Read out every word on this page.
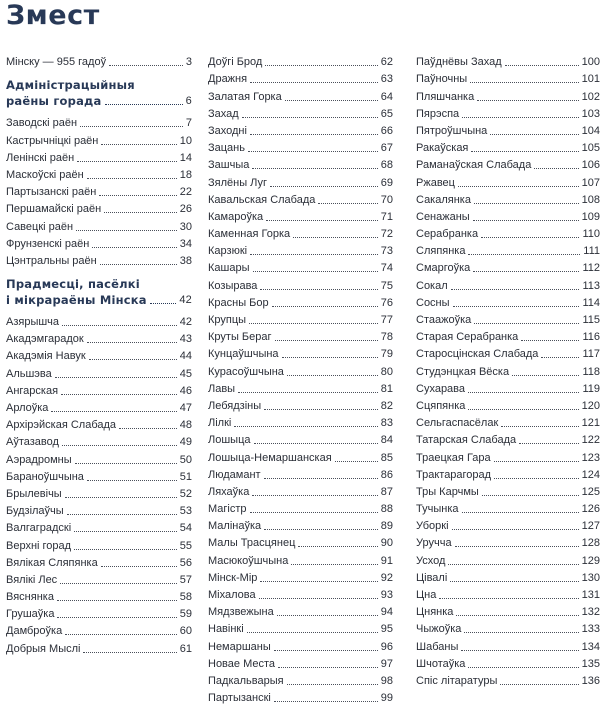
Змест
Мінску — 955 гадоў	3
Адміністрацыйныя
раёны горада	6
Заводскі раён	7
Кастрычніцкі раён	10
Ленінскі раён	14
Маскоўскі раён	18
Партызанскі раён	22
Першамайскі раён	26
Савецкі раён	30
Фрунзенскі раён	34
Цэнтральны раён	38
Прадмесці, пасёлкі
і мікрараёны Мінска	42
Азярышча	42
Акадэмгарадок	43
Акадэмія Навук	44
Альшэва	45
Ангарская	46
Арлоўка	47
Архірэйская Слабада	48
Аўтазавод	49
Аэрадромны	50
Бараноўшчына	51
Брылевічы	52
Будзілаўчы	53
Валгаградскі	54
Верхні горад	55
Вялікая Сляпянка	56
Вялікі Лес	57
Вяснянка	58
Грушаўка	59
Дамброўка	60
Добрыя Мыслі	61
Доўгі Брод	62
Дражня	63
Залатая Горка	64
Захад	65
Заходні	66
Зацань	67
Зашчыа	68
Зялёны Луг	69
Кавальская Слабада	70
Камароўка	71
Каменная Горка	72
Карзюкі	73
Кашары	74
Козырава	75
Красны Бор	76
Крупцы	77
Круты Бераг	78
Кунцаўшчына	79
Курасоўшчына	80
Лавы	81
Лебядзіны	82
Лілкі	83
Лошыца	84
Лошыца-Немаршанская	85
Людамант	86
Ляхаўка	87
Магістр	88
Малінаўка	89
Малы Трасцянец	90
Масюкоўшчына	91
Мінск-Мір	92
Міхалова	93
Мядзвежына	94
Навінкі	95
Немаршаны	96
Новае Места	97
Падкальварыя	98
Партызанскі	99
Паўднёвы Захад	100
Паўночны	101
Пляшчанка	102
Пярэспа	103
Пятроўшчына	104
Ракаўская	105
Раманаўская Слабада	106
Ржавец	107
Сакалянка	108
Сенажаны	109
Серабранка	110
Сляпянка	111
Смаргоўка	112
Сокал	113
Сосны	114
Стаажоўка	115
Старая Серабранка	116
Старосцінская Слабада	117
Студэнцкая Вёска	118
Сухарава	119
Сцяпянка	120
Сельгаспасёлак	121
Татарская Слабада	122
Траецкая Гара	123
Трактарагорад	124
Тры Карчмы	125
Тучынка	126
Уборкі	127
Уручча	128
Усход	129
Цівалі	130
Цна	131
Цнянка	132
Чыжоўка	133
Шабаны	134
Шчотаўка	135
Спіс літаратуры	136
